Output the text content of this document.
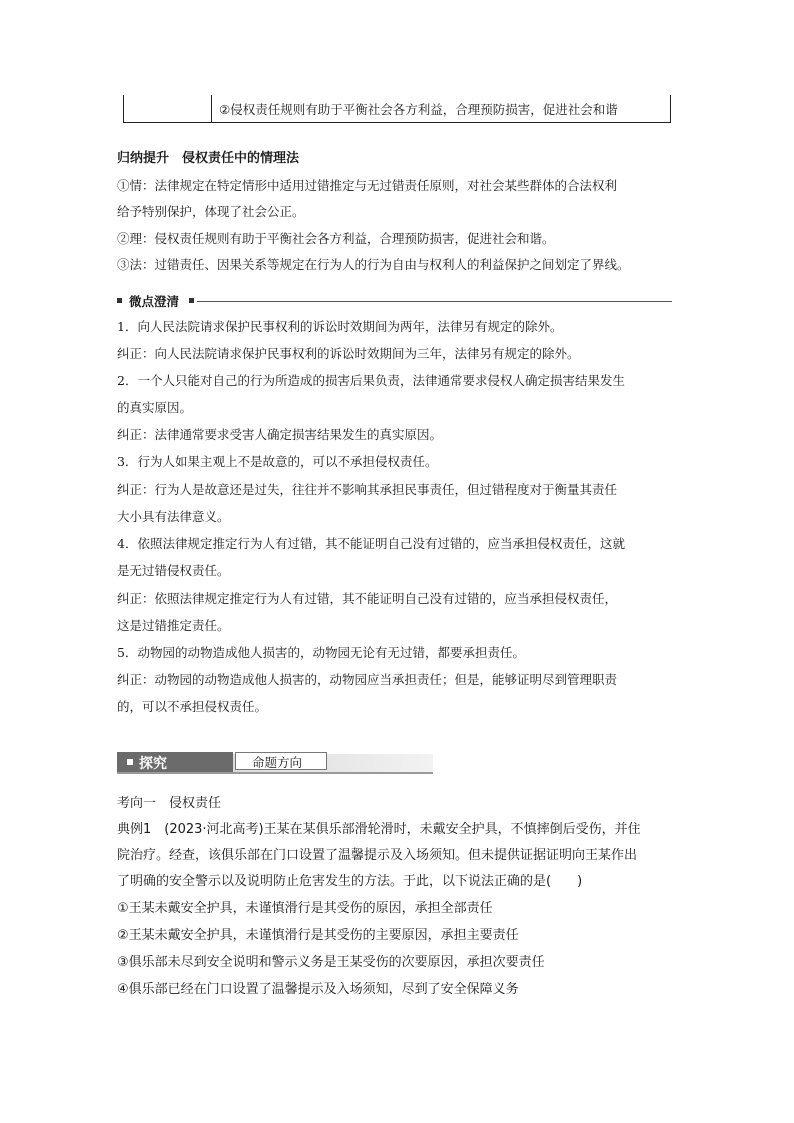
②侵权责任规则有助于平衡社会各方利益，合理预防损害，促进社会和谐
归纳提升　侵权责任中的情理法
①情：法律规定在特定情形中适用过错推定与无过错责任原则，对社会某些群体的合法权利
给予特别保护，体现了社会公正。
②理：侵权责任规则有助于平衡社会各方利益，合理预防损害，促进社会和谐。
③法：过错责任、因果关系等规定在行为人的行为自由与权利人的利益保护之间划定了界线。
微点澄清
1．向人民法院请求保护民事权利的诉讼时效期间为两年，法律另有规定的除外。
纠正：向人民法院请求保护民事权利的诉讼时效期间为三年，法律另有规定的除外。
2．一个人只能对自己的行为所造成的损害后果负责，法律通常要求侵权人确定损害结果发生
的真实原因。
纠正：法律通常要求受害人确定损害结果发生的真实原因。
3．行为人如果主观上不是故意的，可以不承担侵权责任。
纠正：行为人是故意还是过失，往往并不影响其承担民事责任，但过错程度对于衡量其责任
大小具有法律意义。
4．依照法律规定推定行为人有过错，其不能证明自己没有过错的，应当承担侵权责任，这就
是无过错侵权责任。
纠正：依照法律规定推定行为人有过错，其不能证明自己没有过错的，应当承担侵权责任，
这是过错推定责任。
5．动物园的动物造成他人损害的，动物园无论有无过错，都要承担责任。
纠正：动物园的动物造成他人损害的，动物园应当承担责任；但是，能够证明尽到管理职责
的，可以不承担侵权责任。
探究	命题方向
考向一　侵权责任
典例1　(2023·河北高考)王某在某俱乐部滑轮滑时，未戴安全护具，不慎摔倒后受伤，并住
院治疗。经查，该俱乐部在门口设置了温馨提示及入场须知。但未提供证据证明向王某作出
了明确的安全警示以及说明防止危害发生的方法。于此，以下说法正确的是(　　)
①王某未戴安全护具，未谨慎滑行是其受伤的原因，承担全部责任
②王某未戴安全护具，未谨慎滑行是其受伤的主要原因，承担主要责任
③俱乐部未尽到安全说明和警示义务是王某受伤的次要原因，承担次要责任
④俱乐部已经在门口设置了温馨提示及入场须知，尽到了安全保障义务
